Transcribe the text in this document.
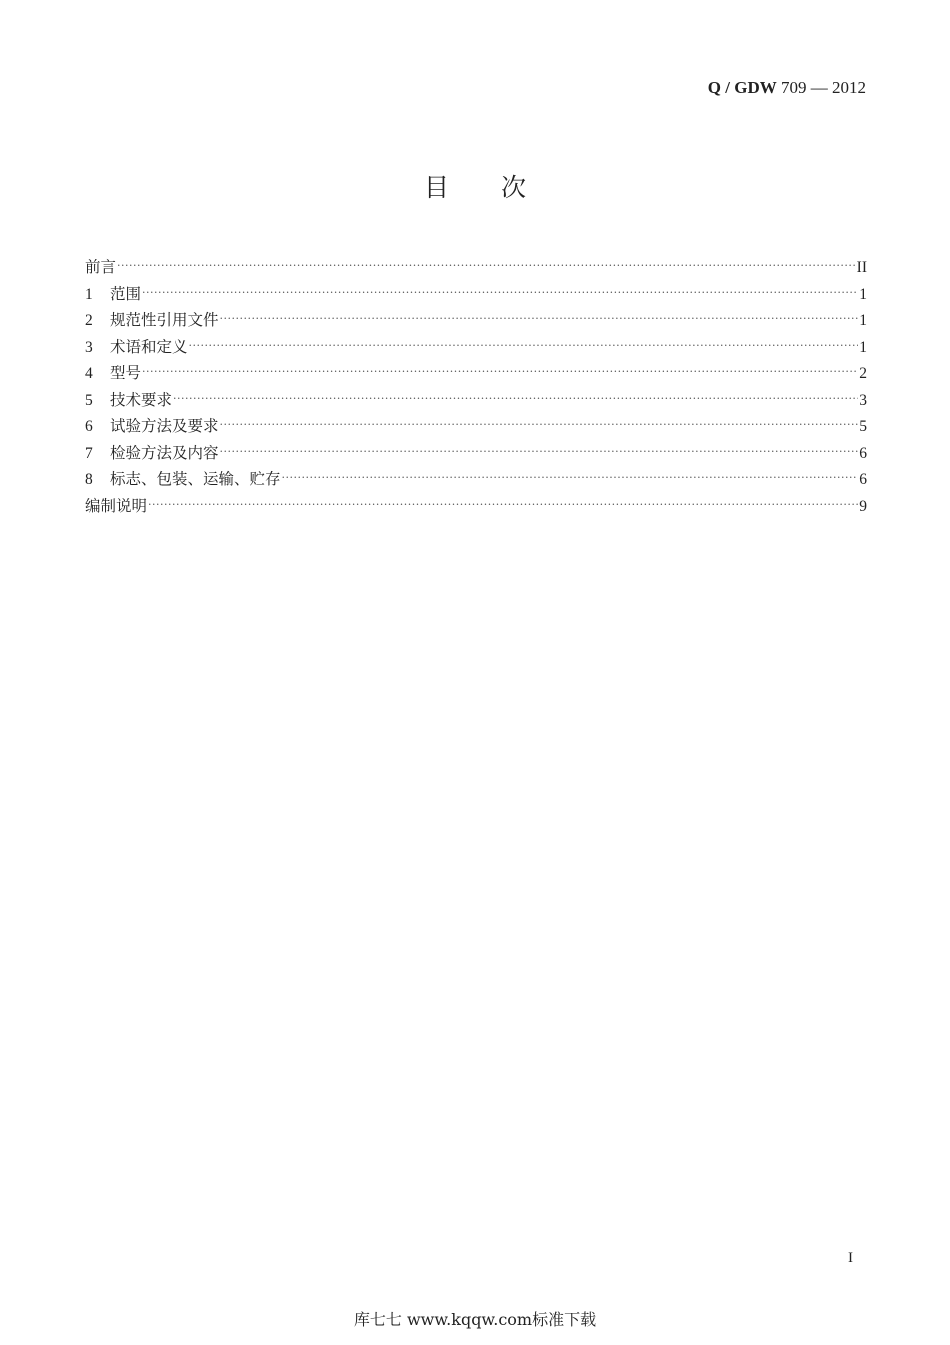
Q / GDW 709 — 2012
目次
前言 ·····	II
1	范围 ·····	1
2	规范性引用文件 ·····	1
3	术语和定义 ·····	1
4	型号 ·····	2
5	技术要求 ·····	3
6	试验方法及要求 ·····	5
7	检验方法及内容 ·····	6
8	标志、包装、运输、贮存 ·····	6
编制说明 ·····	9
I
库七七 www.kqqw.com标准下载
